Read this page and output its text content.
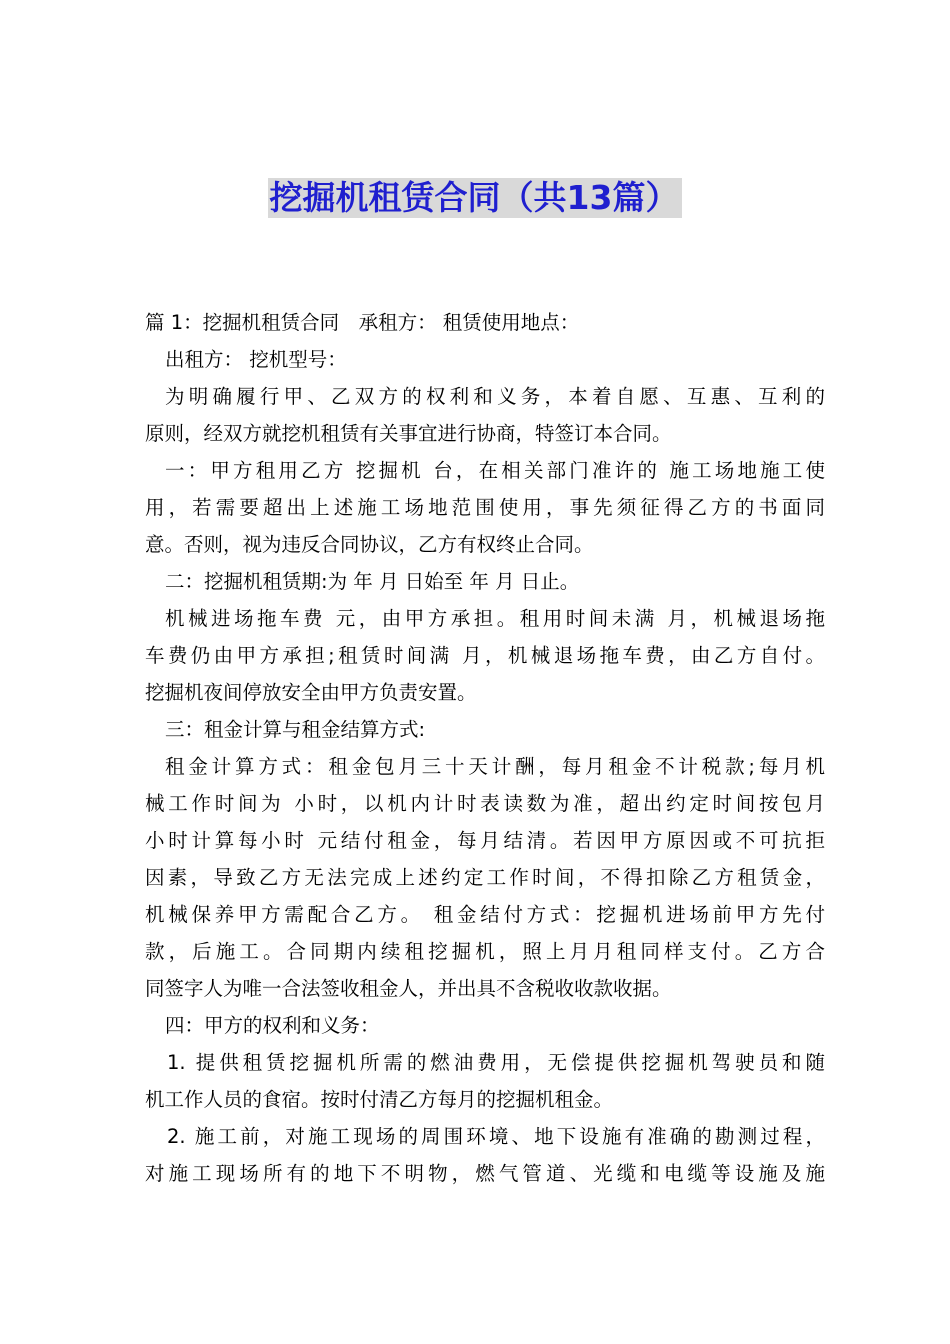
挖掘机租赁合同（共13篇）
篇 1：挖掘机租赁合同　承租方： 租赁使用地点：
出租方： 挖机型号：
为明确履行甲、乙双方的权利和义务，本着自愿、互惠、互利的
原则，经双方就挖机租赁有关事宜进行协商，特签订本合同。
一：甲方租用乙方 挖掘机 台，在相关部门准许的 施工场地施工使
用，若需要超出上述施工场地范围使用，事先须征得乙方的书面同
意。否则，视为违反合同协议，乙方有权终止合同。
二：挖掘机租赁期:为 年 月 日始至 年 月 日止。
机械进场拖车费 元，由甲方承担。租用时间未满 月，机械退场拖
车费仍由甲方承担;租赁时间满 月，机械退场拖车费，由乙方自付。
挖掘机夜间停放安全由甲方负责安置。
三：租金计算与租金结算方式:
租金计算方式：租金包月三十天计酬，每月租金不计税款;每月机
械工作时间为 小时，以机内计时表读数为准，超出约定时间按包月
小时计算每小时 元结付租金，每月结清。若因甲方原因或不可抗拒
因素，导致乙方无法完成上述约定工作时间，不得扣除乙方租赁金，
机械保养甲方需配合乙方。 租金结付方式：挖掘机进场前甲方先付
款，后施工。合同期内续租挖掘机，照上月月租同样支付。乙方合
同签字人为唯一合法签收租金人，并出具不含税收收款收据。
四：甲方的权利和义务：
1. 提供租赁挖掘机所需的燃油费用，无偿提供挖掘机驾驶员和随
机工作人员的食宿。按时付清乙方每月的挖掘机租金。
2. 施工前，对施工现场的周围环境、地下设施有准确的勘测过程，
对施工现场所有的地下不明物，燃气管道、光缆和电缆等设施及施
